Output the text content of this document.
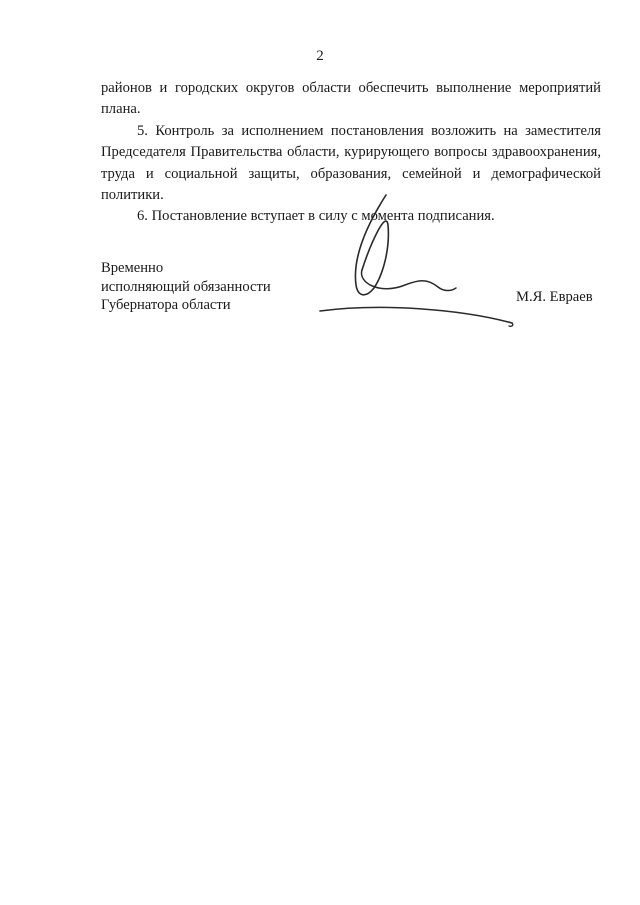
2

районов и городских округов области обеспечить выполнение мероприятий плана.

5. Контроль за исполнением постановления возложить на заместителя Председателя Правительства области, курирующего вопросы здравоохранения, труда и социальной защиты, образования, семейной и демографической политики.

6. Постановление вступает в силу с момента подписания.

Временно
исполняющий обязанности
Губернатора области
М.Я. Евраев
